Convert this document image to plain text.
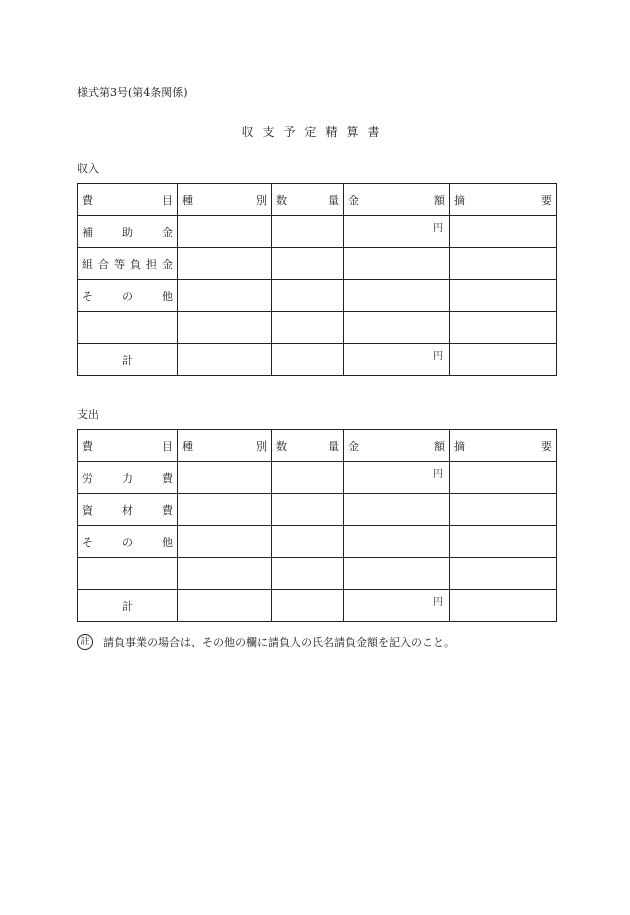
様式第3号(第4条関係)
収支予定精算書
収入
費 目	種 別	数 量	金 額	摘 要

補助金			円	

組合等負担金				

その他				

計			円	

支出
費 目	種 別	数 量	金 額	摘 要

労力費			円	

資材費				

その他				

計			円	

註	請負事業の場合は、その他の欄に請負人の氏名請負金額を記入のこと。
